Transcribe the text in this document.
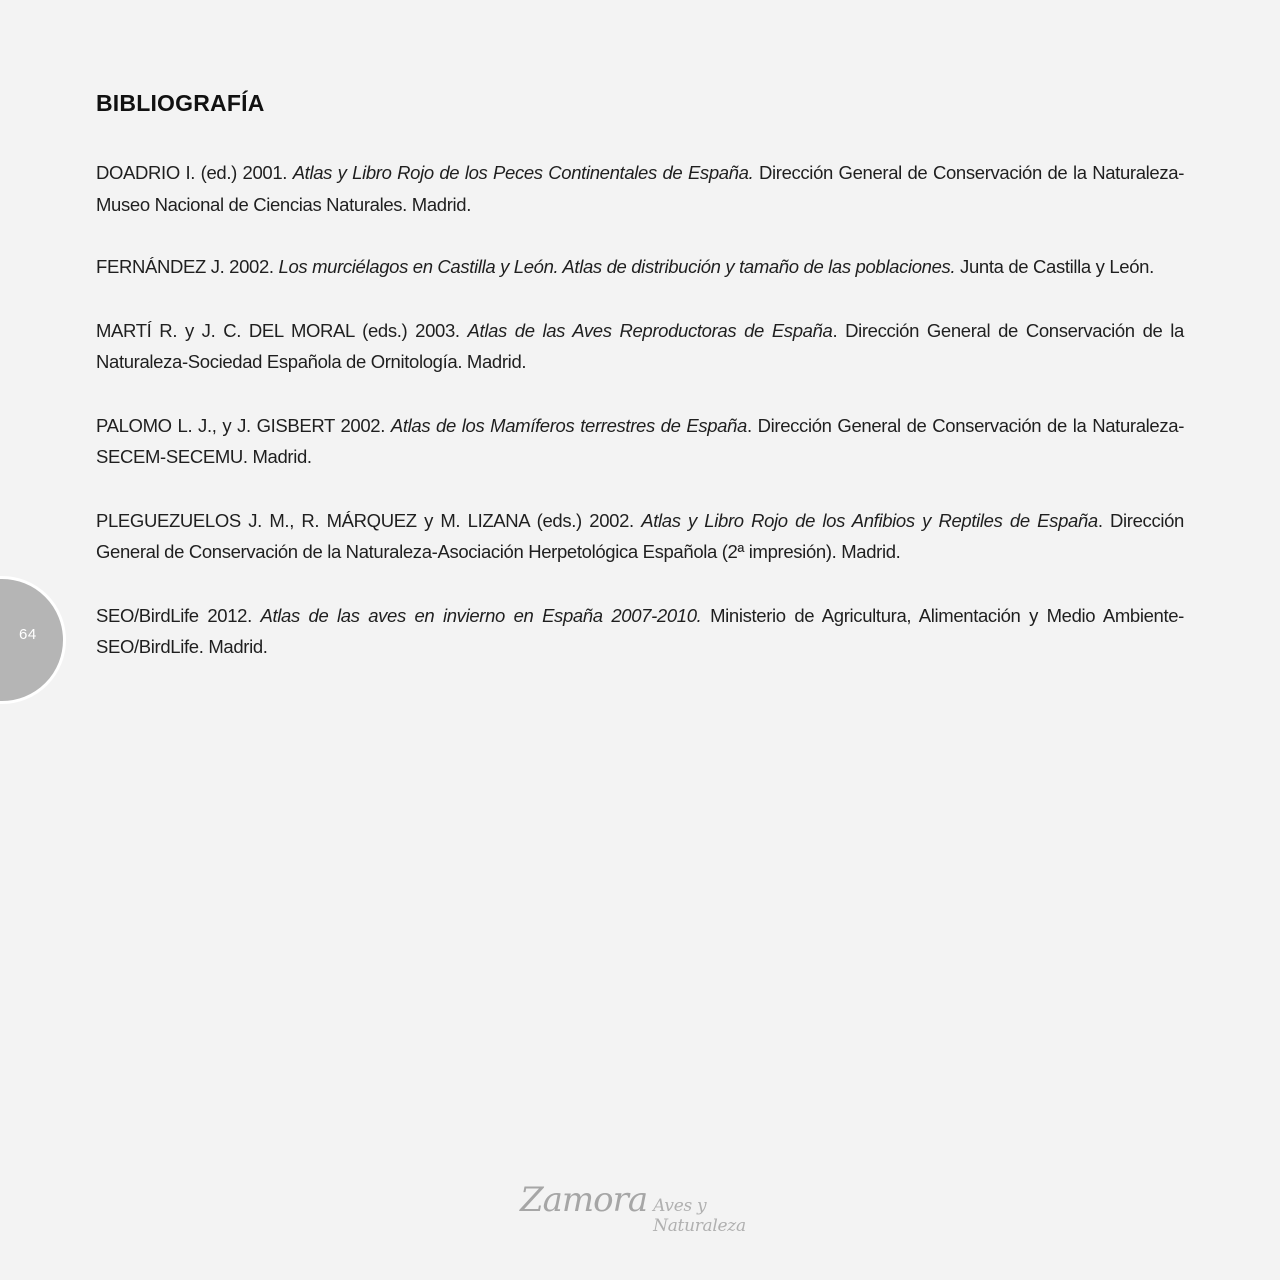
BIBLIOGRAFÍA
DOADRIO I. (ed.) 2001. Atlas y Libro Rojo de los Peces Continentales de España. Dirección General de Conservación de la Naturaleza-Museo Nacional de Ciencias Naturales. Madrid.
FERNÁNDEZ J. 2002. Los murciélagos en Castilla y León. Atlas de distribución y tamaño de las poblaciones. Junta de Castilla y León.
MARTÍ R. y J. C. DEL MORAL (eds.) 2003. Atlas de las Aves Reproductoras de España. Dirección General de Conservación de la Naturaleza-Sociedad Española de Ornitología. Madrid.
PALOMO L. J., y J. GISBERT 2002. Atlas de los Mamíferos terrestres de España. Dirección General de Conservación de la Naturaleza-SECEM-SECEMU. Madrid.
PLEGUEZUELOS J. M., R. MÁRQUEZ y M. LIZANA (eds.) 2002. Atlas y Libro Rojo de los Anfibios y Reptiles de España. Dirección General de Conservación de la Naturaleza-Asociación Herpetológica Española (2ª impresión). Madrid.
SEO/BirdLife 2012. Atlas de las aves en invierno en España 2007-2010. Ministerio de Agricultura, Alimentación y Medio Ambiente-SEO/BirdLife. Madrid.
64
Zamora Aves y Naturaleza
